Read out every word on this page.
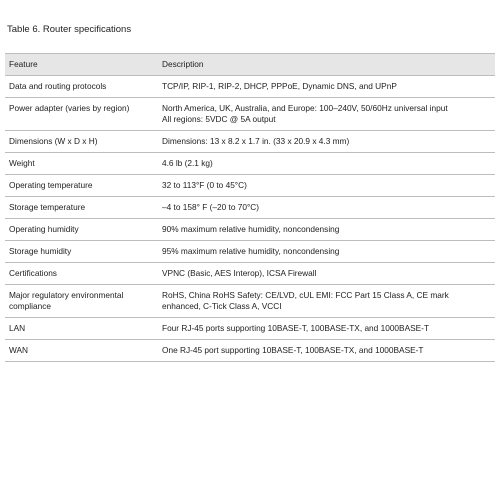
Table 6. Router specifications
Feature	Description

Data and routing protocols	TCP/IP, RIP-1, RIP-2, DHCP, PPPoE, Dynamic DNS, and UPnP

Power adapter (varies by region)	North America, UK, Australia, and Europe: 100–240V, 50/60Hz universal input
All regions: 5VDC @ 5A output

Dimensions (W x D x H)	Dimensions: 13 x 8.2 x 1.7 in. (33 x 20.9 x 4.3 mm)

Weight	4.6 lb (2.1 kg)

Operating temperature	32 to 113°F (0 to 45°C)

Storage temperature	–4 to 158° F (–20 to 70°C)

Operating humidity	90% maximum relative humidity, noncondensing

Storage humidity	95% maximum relative humidity, noncondensing

Certifications	VPNC (Basic, AES Interop), ICSA Firewall

Major regulatory environmental
compliance	RoHS, China RoHS Safety: CE/LVD, cUL EMI: FCC Part 15 Class A, CE mark
enhanced, C-Tick Class A, VCCI

LAN	Four RJ-45 ports supporting 10BASE-T, 100BASE-TX, and 1000BASE-T

WAN	One RJ-45 port supporting 10BASE-T, 100BASE-TX, and 1000BASE-T
